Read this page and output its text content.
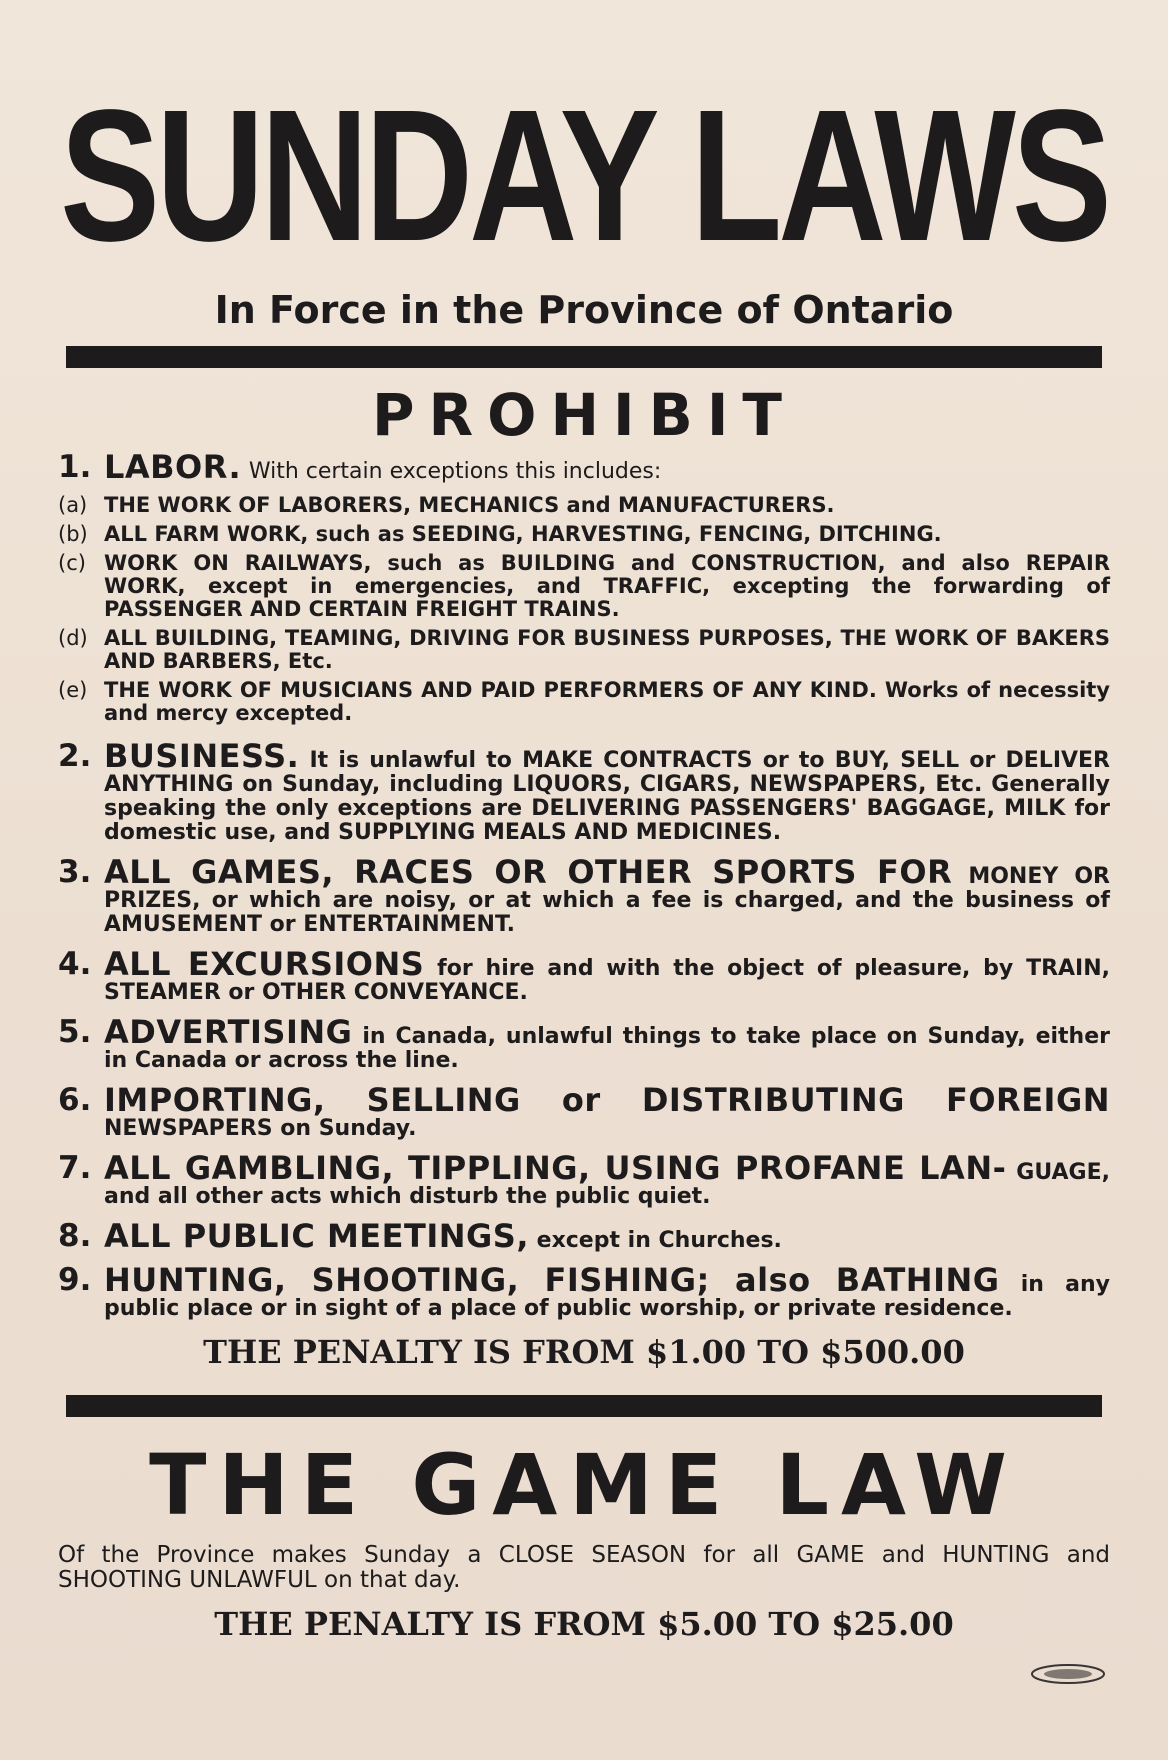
SUNDAY LAWS
In Force in the Province of Ontario
PROHIBIT
1. LABOR. With certain exceptions this includes:
(a) THE WORK OF LABORERS, MECHANICS and MANUFACTURERS.
(b) ALL FARM WORK, such as SEEDING, HARVESTING, FENCING, DITCHING.
(c) WORK ON RAILWAYS, such as BUILDING and CONSTRUCTION, and also REPAIR WORK, except in emergencies, and TRAFFIC, excepting the forwarding of PASSENGER AND CERTAIN FREIGHT TRAINS.
(d) ALL BUILDING, TEAMING, DRIVING FOR BUSINESS PURPOSES, THE WORK OF BAKERS AND BARBERS, Etc.
(e) THE WORK OF MUSICIANS AND PAID PERFORMERS OF ANY KIND. Works of necessity and mercy excepted.
2. BUSINESS. It is unlawful to MAKE CONTRACTS or to BUY, SELL or DELIVER ANYTHING on Sunday, including LIQUORS, CIGARS, NEWSPAPERS, Etc. Generally speaking the only exceptions are DELIVERING PASSENGERS' BAGGAGE, MILK for domestic use, and SUPPLYING MEALS AND MEDICINES.
3. ALL GAMES, RACES OR OTHER SPORTS FOR MONEY OR PRIZES, or which are noisy, or at which a fee is charged, and the business of AMUSEMENT or ENTERTAINMENT.
4. ALL EXCURSIONS for hire and with the object of pleasure, by TRAIN, STEAMER or OTHER CONVEYANCE.
5. ADVERTISING in Canada, unlawful things to take place on Sunday, either in Canada or across the line.
6. IMPORTING, SELLING or DISTRIBUTING FOREIGN NEWSPAPERS on Sunday.
7. ALL GAMBLING, TIPPLING, USING PROFANE LAN- GUAGE, and all other acts which disturb the public quiet.
8. ALL PUBLIC MEETINGS, except in Churches.
9. HUNTING, SHOOTING, FISHING; also BATHING in any public place or in sight of a place of public worship, or private residence.
THE PENALTY IS FROM $1.00 TO $500.00
THE GAME LAW
Of the Province makes Sunday a CLOSE SEASON for all GAME and HUNTING and SHOOTING UNLAWFUL on that day.
THE PENALTY IS FROM $5.00 TO $25.00
